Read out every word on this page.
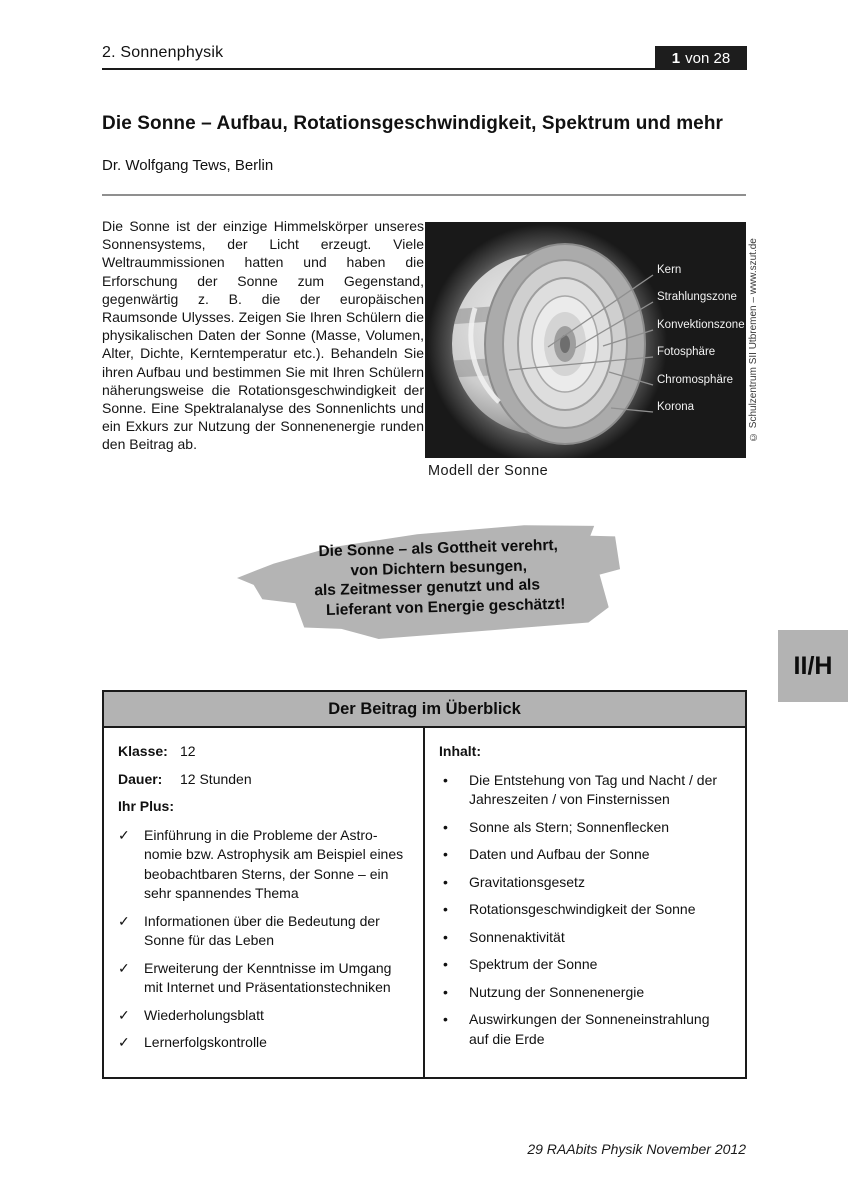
2. Sonnenphysik	1 von 28
Die Sonne – Aufbau, Rotationsgeschwindigkeit, Spektrum und mehr
Dr. Wolfgang Tews, Berlin

Die Sonne ist der einzige Himmelskörper unseres Sonnensystems, der Licht erzeugt. Viele Weltraummissionen hatten und haben die Erforschung der Sonne zum Gegenstand, gegenwärtig z. B. die der europäischen Raumsonde Ulysses. Zeigen Sie Ihren Schülern die physikalischen Daten der Sonne (Masse, Volumen, Alter, Dichte, Kerntemperatur etc.). Behandeln Sie ihren Aufbau und bestimmen Sie mit Ihren Schülern näherungsweise die Rotationsgeschwindigkeit der Sonne. Eine Spektralanalyse des Sonnenlichts und ein Exkurs zur Nutzung der Sonnenenergie runden den Beitrag ab.

Kern
Strahlungszone
Konvektionszone
Fotosphäre
Chromosphäre
Korona
Modell der Sonne
© Schulzentrum SII Utbremen – www.szut.de
Die Sonne – als Gottheit verehrt,
von Dichtern besungen,
als Zeitmesser genutzt und als
Lieferant von Energie geschätzt!
II/H
Der Beitrag im Überblick
Klasse: 12
Dauer:	12 Stunden
Ihr Plus:
✓	Einführung in die Probleme der Astronomie bzw. Astrophysik am Beispiel eines beobachtbaren Sterns, der Sonne – ein sehr spannendes Thema
✓	Informationen über die Bedeutung der Sonne für das Leben
✓	Erweiterung der Kenntnisse im Umgang mit Internet und Präsentationstechniken
✓	Wiederholungsblatt
✓	Lernerfolgskontrolle
Inhalt:
•	Die Entstehung von Tag und Nacht / der Jahreszeiten / von Finsternissen
•	Sonne als Stern; Sonnenflecken
•	Daten und Aufbau der Sonne
•	Gravitationsgesetz
•	Rotationsgeschwindigkeit der Sonne
•	Sonnenaktivität
•	Spektrum der Sonne
•	Nutzung der Sonnenenergie
•	Auswirkungen der Sonneneinstrahlung auf die Erde
29 RAAbits Physik November 2012
